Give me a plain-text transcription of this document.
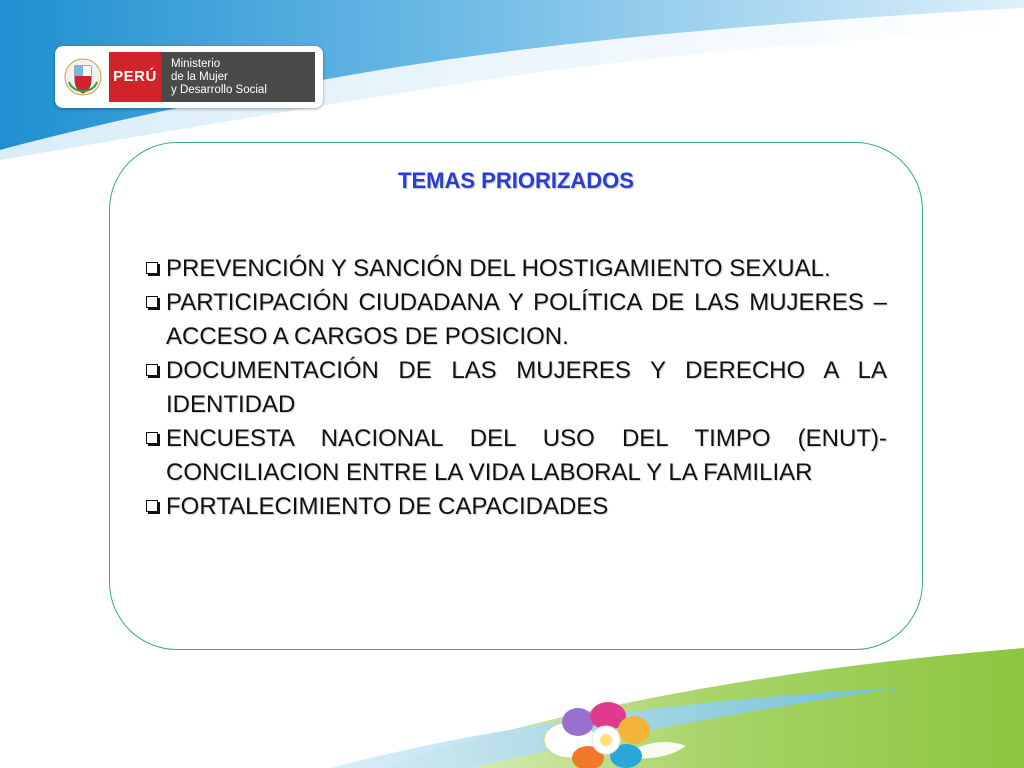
PERÚ
Ministerio
de la Mujer
y Desarrollo Social
TEMAS PRIORIZADOS
PREVENCIÓN Y SANCIÓN DEL HOSTIGAMIENTO SEXUAL.
PARTICIPACIÓN CIUDADANA Y POLÍTICA DE LAS MUJERES – ACCESO A CARGOS DE POSICION.
DOCUMENTACIÓN DE LAS MUJERES Y DERECHO A LA IDENTIDAD
ENCUESTA NACIONAL DEL USO DEL TIMPO (ENUT)- CONCILIACION ENTRE LA VIDA LABORAL Y LA FAMILIAR
FORTALECIMIENTO DE CAPACIDADES
